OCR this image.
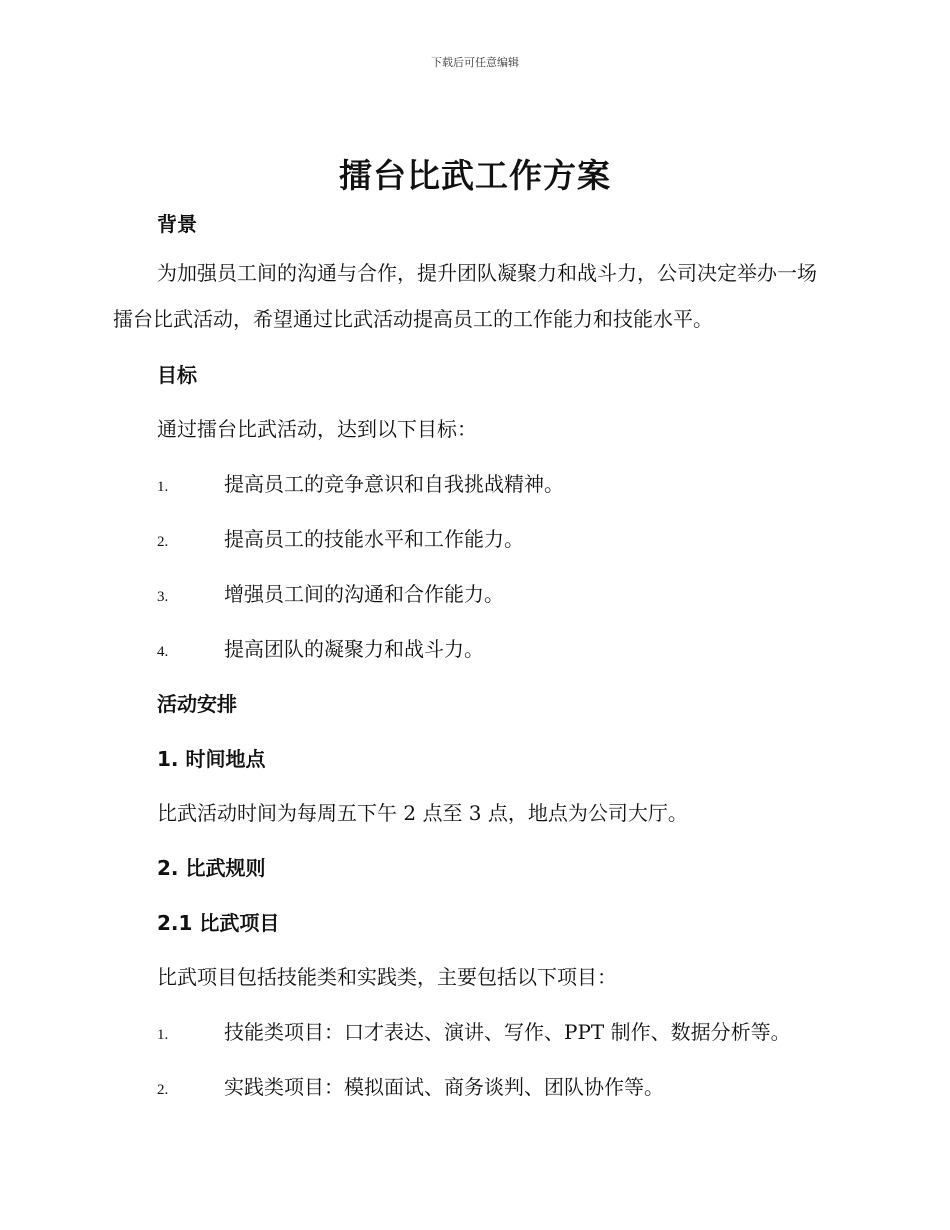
下载后可任意编辑
擂台比武工作方案
背景

为加强员工间的沟通与合作，提升团队凝聚力和战斗力，公司决定举办一场擂台比武活动，希望通过比武活动提高员工的工作能力和技能水平。

目标

通过擂台比武活动，达到以下目标：

1.	提高员工的竞争意识和自我挑战精神。
2.	提高员工的技能水平和工作能力。
3.	增强员工间的沟通和合作能力。
4.	提高团队的凝聚力和战斗力。
活动安排
1. 时间地点

比武活动时间为每周五下午 2 点至 3 点，地点为公司大厅。

2. 比武规则
2.1 比武项目

比武项目包括技能类和实践类，主要包括以下项目：

1.	技能类项目：口才表达、演讲、写作、PPT 制作、数据分析等。
2.	实践类项目：模拟面试、商务谈判、团队协作等。
